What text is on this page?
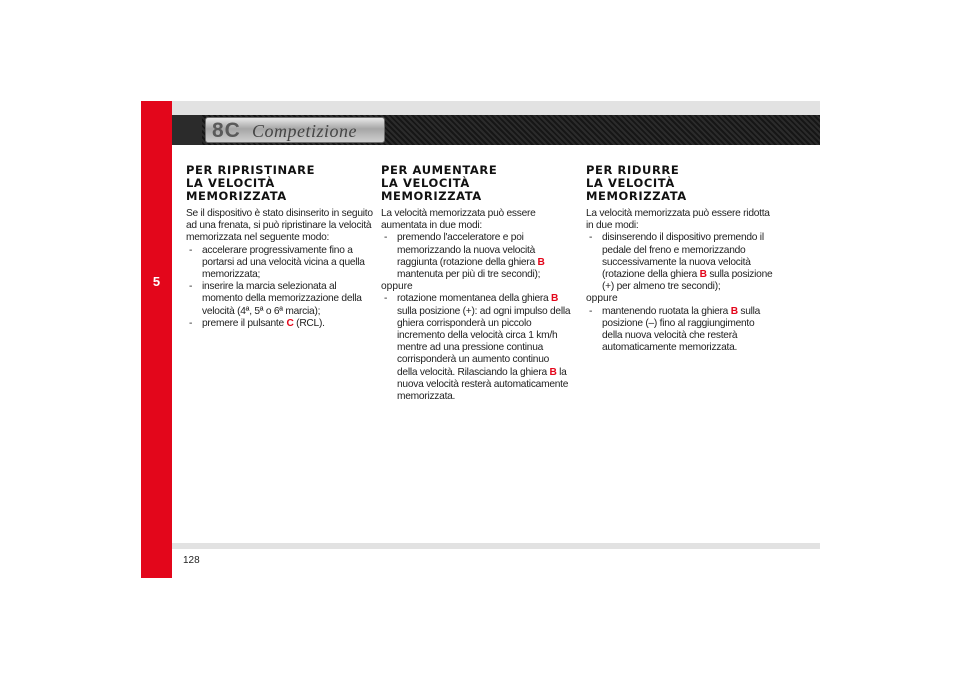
5
8C Competizione
PER RIPRISTINARE
LA VELOCITÀ
MEMORIZZATA

Se il dispositivo è stato disinserito in seguito ad una frenata, si può ripristinare la velocità memorizzata nel seguente modo:

- accelerare progressivamente fino a portarsi ad una velocità vicina a quella memorizzata;
- inserire la marcia selezionata al momento della memorizzazione della velocità (4ª, 5ª o 6ª marcia);
- premere il pulsante C (RCL).
PER AUMENTARE
LA VELOCITÀ
MEMORIZZATA

La velocità memorizzata può essere aumentata in due modi:

- premendo l'acceleratore e poi memorizzando la nuova velocità raggiunta (rotazione della ghiera B mantenuta per più di tre secondi);
oppure
- rotazione momentanea della ghiera B sulla posizione (+): ad ogni impulso della ghiera corrisponderà un piccolo incremento della velocità circa 1 km/h mentre ad una pressione continua corrisponderà un aumento continuo della velocità. Rilasciando la ghiera B la nuova velocità resterà automaticamente memorizzata.
PER RIDURRE
LA VELOCITÀ
MEMORIZZATA

La velocità memorizzata può essere ridotta in due modi:

- disinserendo il dispositivo premendo il pedale del freno e memorizzando successivamente la nuova velocità (rotazione della ghiera B sulla posizione (+) per almeno tre secondi);
oppure
- mantenendo ruotata la ghiera B sulla posizione (–) fino al raggiungimento della nuova velocità che resterà automaticamente memorizzata.
128
